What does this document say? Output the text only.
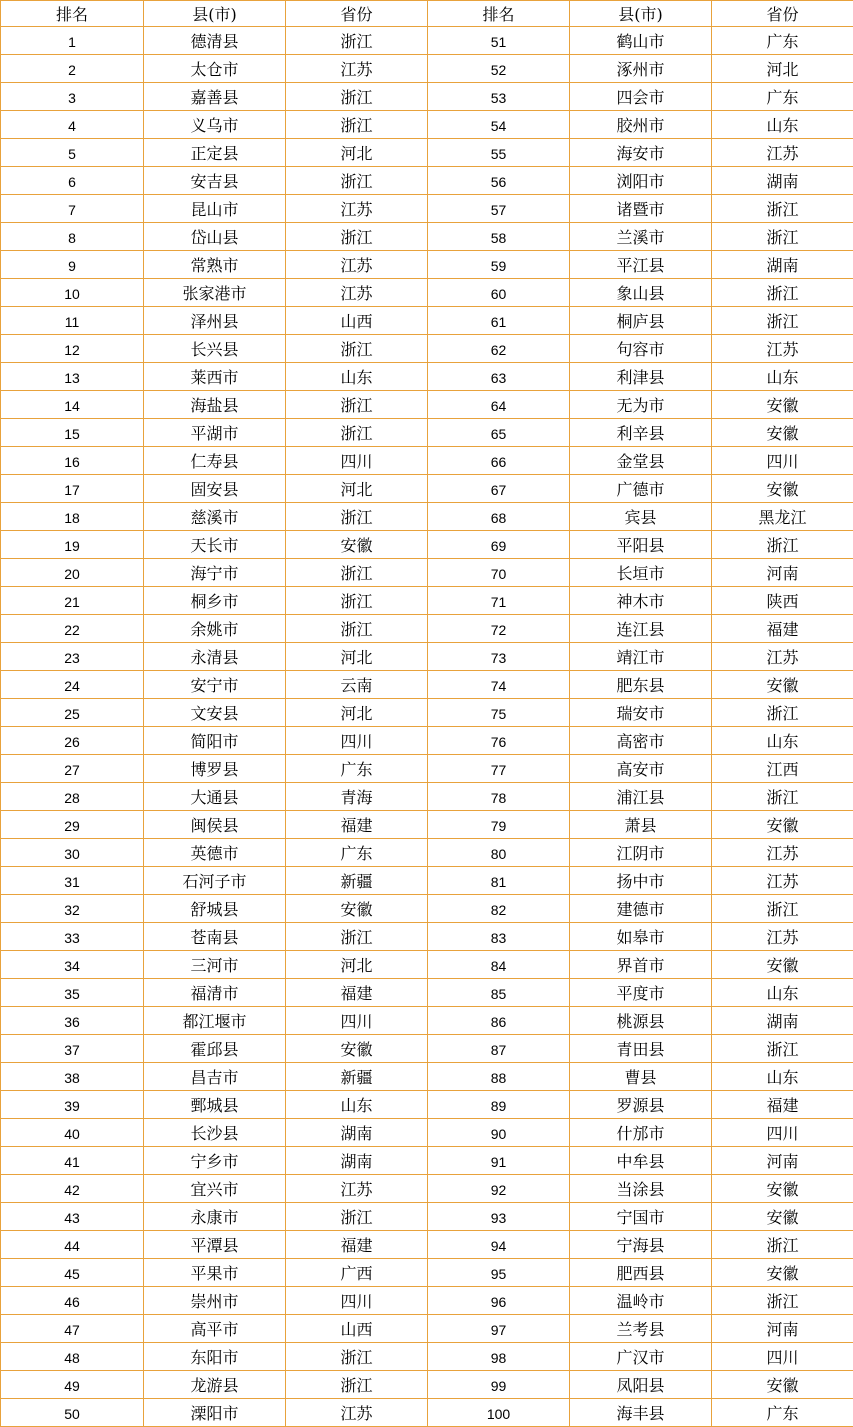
排名	县(市)	省份	排名	县(市)	省份
1	德清县	浙江	51	鹤山市	广东
2	太仓市	江苏	52	涿州市	河北
3	嘉善县	浙江	53	四会市	广东
4	义乌市	浙江	54	胶州市	山东
5	正定县	河北	55	海安市	江苏
6	安吉县	浙江	56	浏阳市	湖南
7	昆山市	江苏	57	诸暨市	浙江
8	岱山县	浙江	58	兰溪市	浙江
9	常熟市	江苏	59	平江县	湖南
10	张家港市	江苏	60	象山县	浙江
11	泽州县	山西	61	桐庐县	浙江
12	长兴县	浙江	62	句容市	江苏
13	莱西市	山东	63	利津县	山东
14	海盐县	浙江	64	无为市	安徽
15	平湖市	浙江	65	利辛县	安徽
16	仁寿县	四川	66	金堂县	四川
17	固安县	河北	67	广德市	安徽
18	慈溪市	浙江	68	宾县	黑龙江
19	天长市	安徽	69	平阳县	浙江
20	海宁市	浙江	70	长垣市	河南
21	桐乡市	浙江	71	神木市	陕西
22	余姚市	浙江	72	连江县	福建
23	永清县	河北	73	靖江市	江苏
24	安宁市	云南	74	肥东县	安徽
25	文安县	河北	75	瑞安市	浙江
26	简阳市	四川	76	高密市	山东
27	博罗县	广东	77	高安市	江西
28	大通县	青海	78	浦江县	浙江
29	闽侯县	福建	79	萧县	安徽
30	英德市	广东	80	江阴市	江苏
31	石河子市	新疆	81	扬中市	江苏
32	舒城县	安徽	82	建德市	浙江
33	苍南县	浙江	83	如皋市	江苏
34	三河市	河北	84	界首市	安徽
35	福清市	福建	85	平度市	山东
36	都江堰市	四川	86	桃源县	湖南
37	霍邱县	安徽	87	青田县	浙江
38	昌吉市	新疆	88	曹县	山东
39	鄄城县	山东	89	罗源县	福建
40	长沙县	湖南	90	什邡市	四川
41	宁乡市	湖南	91	中牟县	河南
42	宜兴市	江苏	92	当涂县	安徽
43	永康市	浙江	93	宁国市	安徽
44	平潭县	福建	94	宁海县	浙江
45	平果市	广西	95	肥西县	安徽
46	崇州市	四川	96	温岭市	浙江
47	高平市	山西	97	兰考县	河南
48	东阳市	浙江	98	广汉市	四川
49	龙游县	浙江	99	凤阳县	安徽
50	溧阳市	江苏	100	海丰县	广东
